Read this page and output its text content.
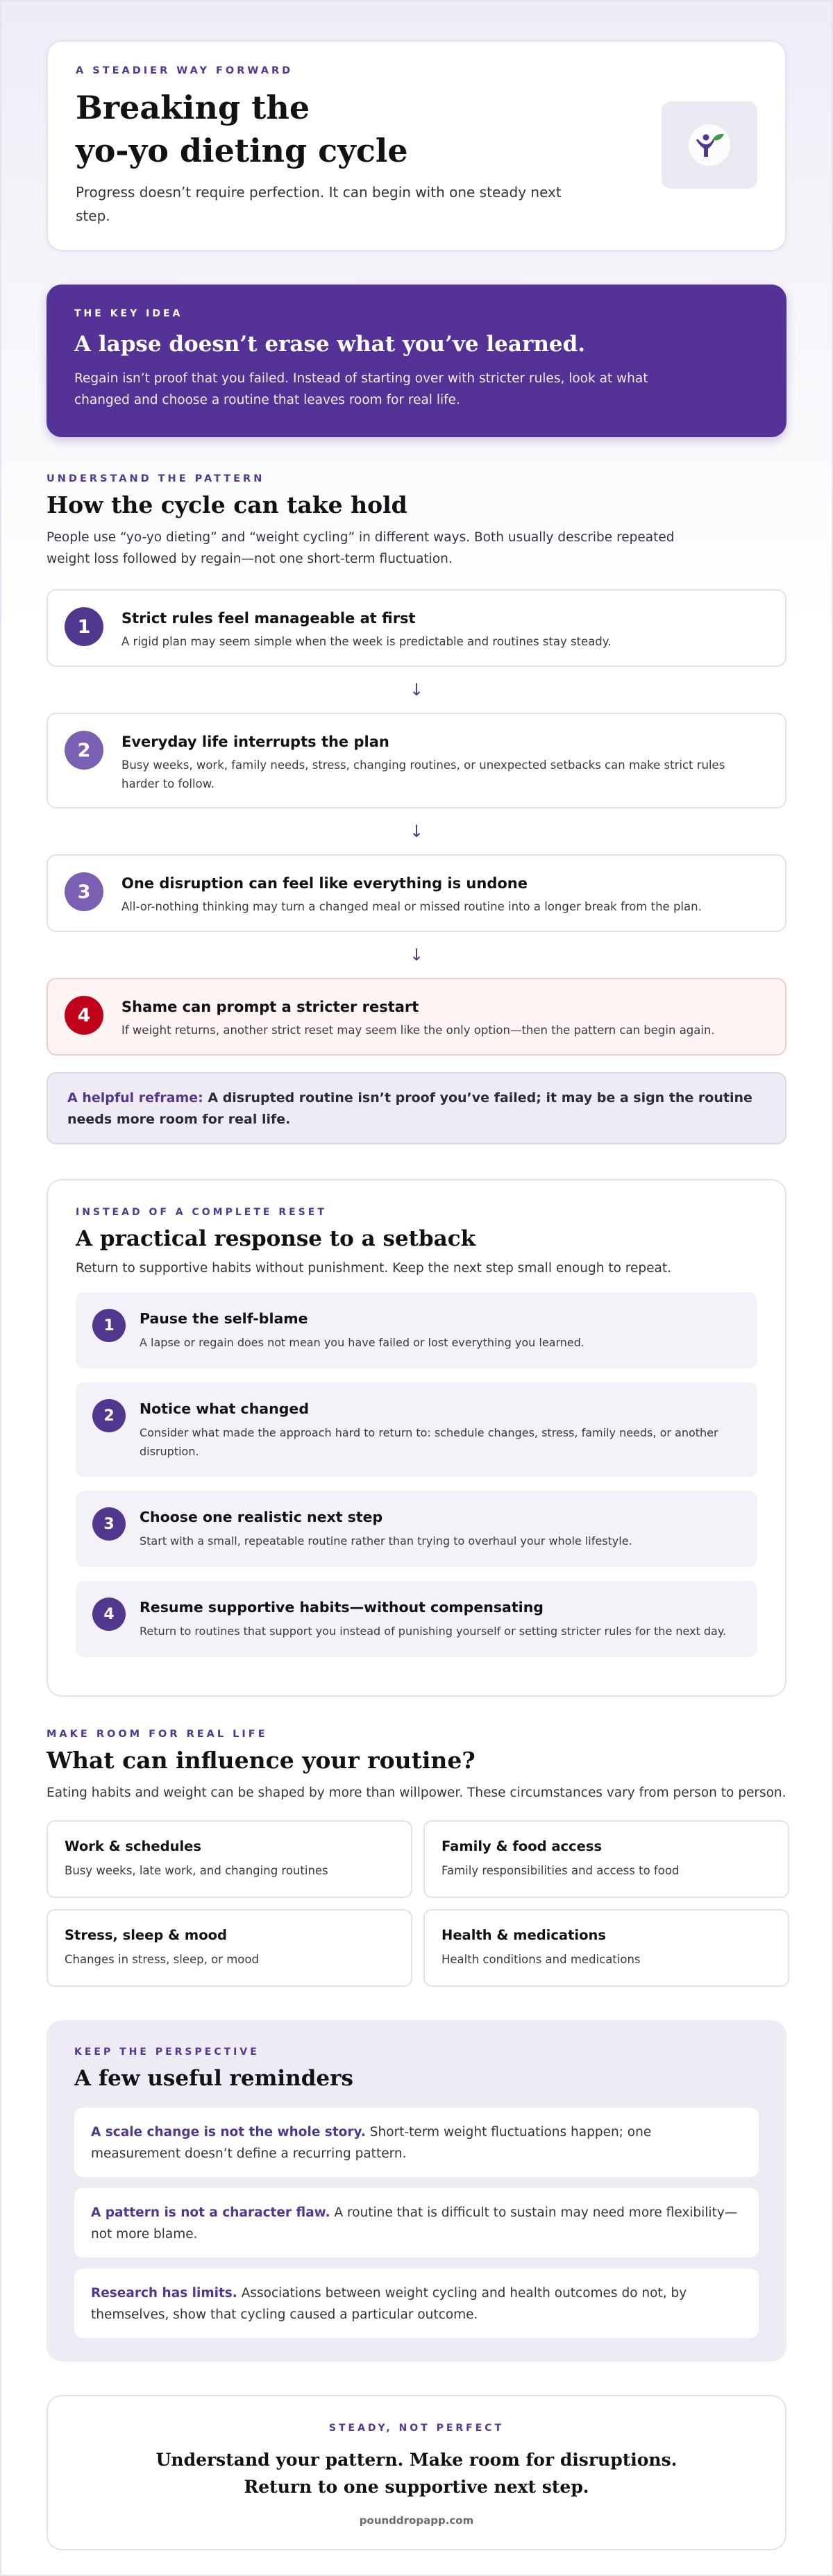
A STEADIER WAY FORWARD
Breaking the
yo-yo dieting cycle

Progress doesn’t require perfection. It can begin with one steady next step.

THE KEY IDEA
A lapse doesn’t erase what you’ve learned.

Regain isn’t proof that you failed. Instead of starting over with stricter rules, look at what changed and choose a routine that leaves room for real life.

UNDERSTAND THE PATTERN
How the cycle can take hold

People use “yo-yo dieting” and “weight cycling” in different ways. Both usually describe repeated weight loss followed by regain—not one short-term fluctuation.

1	Strict rules feel manageable at first
A rigid plan may seem simple when the week is predictable and routines stay steady.
↓
2	Everyday life interrupts the plan
Busy weeks, work, family needs, stress, changing routines, or unexpected setbacks can make strict rules harder to follow.
↓
3	One disruption can feel like everything is undone
All-or-nothing thinking may turn a changed meal or missed routine into a longer break from the plan.
↓
4	Shame can prompt a stricter restart
If weight returns, another strict reset may seem like the only option—then the pattern can begin again.
A helpful reframe: A disrupted routine isn’t proof you’ve failed; it may be a sign the routine needs more room for real life.
INSTEAD OF A COMPLETE RESET
A practical response to a setback

Return to supportive habits without punishment. Keep the next step small enough to repeat.

1	Pause the self-blame
A lapse or regain does not mean you have failed or lost everything you learned.
2	Notice what changed
Consider what made the approach hard to return to: schedule changes, stress, family needs, or another disruption.
3	Choose one realistic next step
Start with a small, repeatable routine rather than trying to overhaul your whole lifestyle.
4	Resume supportive habits—without compensating
Return to routines that support you instead of punishing yourself or setting stricter rules for the next day.
MAKE ROOM FOR REAL LIFE
What can influence your routine?

Eating habits and weight can be shaped by more than willpower. These circumstances vary from person to person.

Work & schedules
Busy weeks, late work, and changing routines
Family & food access
Family responsibilities and access to food
Stress, sleep & mood
Changes in stress, sleep, or mood
Health & medications
Health conditions and medications
KEEP THE PERSPECTIVE
A few useful reminders
A scale change is not the whole story. Short-term weight fluctuations happen; one measurement doesn’t define a recurring pattern.
A pattern is not a character flaw. A routine that is difficult to sustain may need more flexibility—not more blame.
Research has limits. Associations between weight cycling and health outcomes do not, by themselves, show that cycling caused a particular outcome.
STEADY, NOT PERFECT
Understand your pattern. Make room for disruptions. Return to one supportive next step.
pounddropapp.com
